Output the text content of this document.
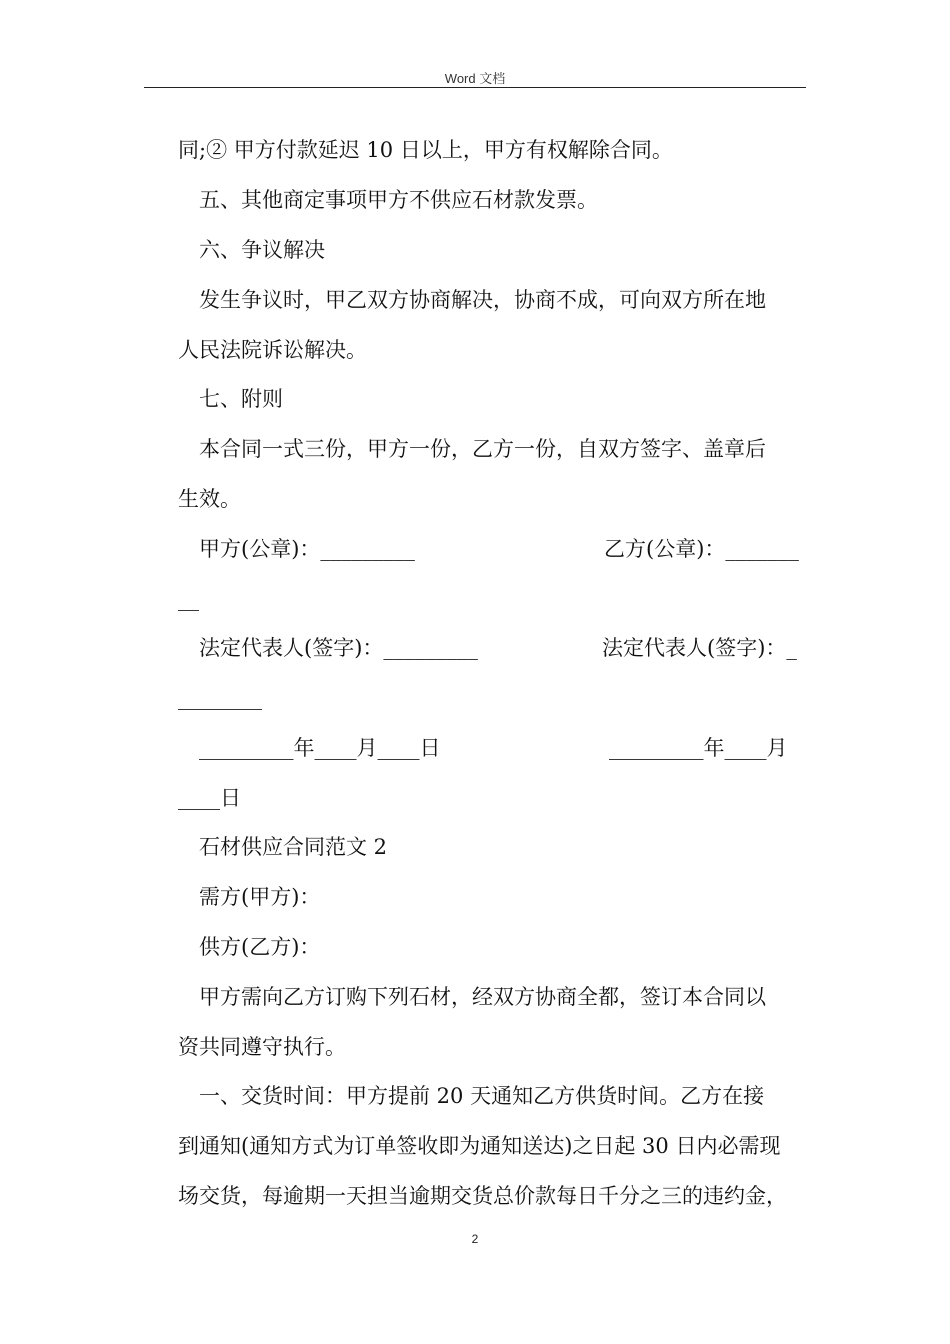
Word 文档
同;② 甲方付款延迟 10 日以上，甲方有权解除合同。
五、其他商定事项甲方不供应石材款发票。
六、争议解决
发生争议时，甲乙双方协商解决，协商不成，可向双方所在地
人民法院诉讼解决。
七、附则
本合同一式三份，甲方一份，乙方一份，自双方签字、盖章后
生效。
甲方(公章)：_________	乙方(公章)：_______
__
法定代表人(签字)：_________	法定代表人(签字)：_
________
_________年____月____日	_________年____月
____日
石材供应合同范文 2
需方(甲方)：
供方(乙方)：
甲方需向乙方订购下列石材，经双方协商全都，签订本合同以
资共同遵守执行。
一、交货时间：甲方提前 20 天通知乙方供货时间。乙方在接
到通知(通知方式为订单签收即为通知送达)之日起 30 日内必需现
场交货，每逾期一天担当逾期交货总价款每日千分之三的违约金，
2
